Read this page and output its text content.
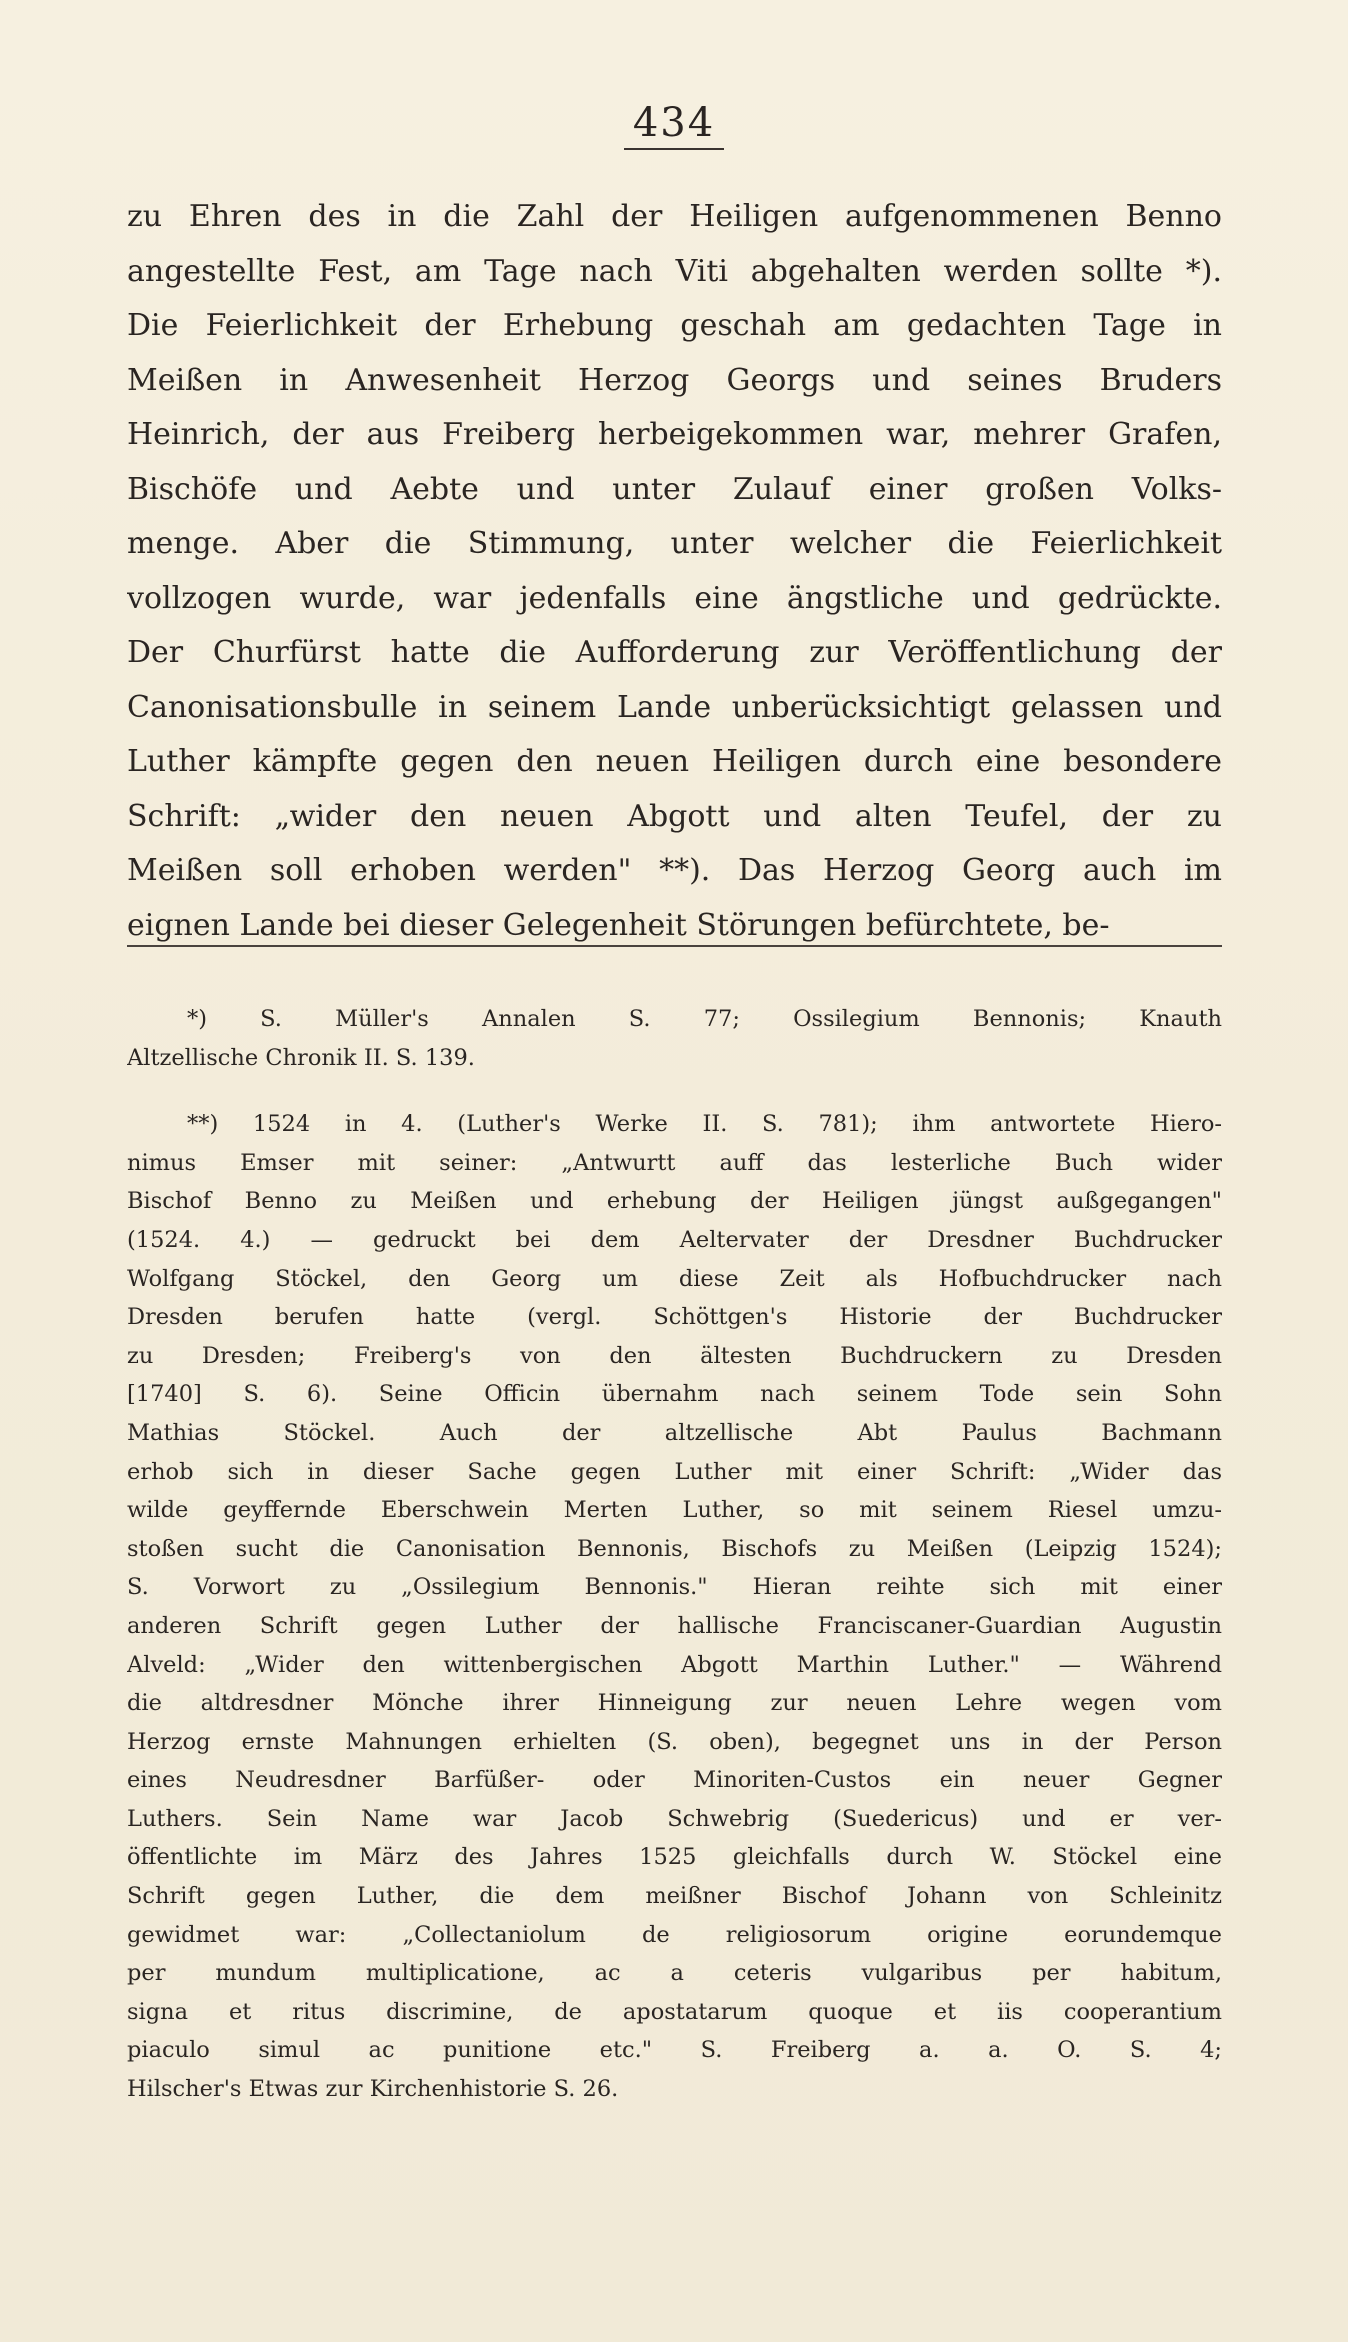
434
zu Ehren des in die Zahl der Heiligen aufgenommenen Benno
angestellte Fest, am Tage nach Viti abgehalten werden sollte *).
Die Feierlichkeit der Erhebung geschah am gedachten Tage in
Meißen in Anwesenheit Herzog Georgs und seines Bruders
Heinrich, der aus Freiberg herbeigekommen war, mehrer Grafen,
Bischöfe und Aebte und unter Zulauf einer großen Volks-
menge. Aber die Stimmung, unter welcher die Feierlichkeit
vollzogen wurde, war jedenfalls eine ängstliche und gedrückte.
Der Churfürst hatte die Aufforderung zur Veröffentlichung der
Canonisationsbulle in seinem Lande unberücksichtigt gelassen und
Luther kämpfte gegen den neuen Heiligen durch eine besondere
Schrift: „wider den neuen Abgott und alten Teufel, der zu
Meißen soll erhoben werden" **). Das Herzog Georg auch im
eignen Lande bei dieser Gelegenheit Störungen befürchtete, be-
*) S. Müller's Annalen S. 77; Ossilegium Bennonis; Knauth
Altzellische Chronik II. S. 139.
**) 1524 in 4. (Luther's Werke II. S. 781); ihm antwortete Hiero-
nimus Emser mit seiner: „Antwurtt auff das lesterliche Buch wider
Bischof Benno zu Meißen und erhebung der Heiligen jüngst außgegangen"
(1524. 4.) — gedruckt bei dem Aeltervater der Dresdner Buchdrucker
Wolfgang Stöckel, den Georg um diese Zeit als Hofbuchdrucker nach
Dresden berufen hatte (vergl. Schöttgen's Historie der Buchdrucker
zu Dresden; Freiberg's von den ältesten Buchdruckern zu Dresden
[1740] S. 6). Seine Officin übernahm nach seinem Tode sein Sohn
Mathias Stöckel. Auch der altzellische Abt Paulus Bachmann
erhob sich in dieser Sache gegen Luther mit einer Schrift: „Wider das
wilde geyffernde Eberschwein Merten Luther, so mit seinem Riesel umzu-
stoßen sucht die Canonisation Bennonis, Bischofs zu Meißen (Leipzig 1524);
S. Vorwort zu „Ossilegium Bennonis." Hieran reihte sich mit einer
anderen Schrift gegen Luther der hallische Franciscaner-Guardian Augustin
Alveld: „Wider den wittenbergischen Abgott Marthin Luther." — Während
die altdresdner Mönche ihrer Hinneigung zur neuen Lehre wegen vom
Herzog ernste Mahnungen erhielten (S. oben), begegnet uns in der Person
eines Neudresdner Barfüßer- oder Minoriten-Custos ein neuer Gegner
Luthers. Sein Name war Jacob Schwebrig (Suedericus) und er ver-
öffentlichte im März des Jahres 1525 gleichfalls durch W. Stöckel eine
Schrift gegen Luther, die dem meißner Bischof Johann von Schleinitz
gewidmet war: „Collectaniolum de religiosorum origine eorundemque
per mundum multiplicatione, ac a ceteris vulgaribus per habitum,
signa et ritus discrimine, de apostatarum quoque et iis cooperantium
piaculo simul ac punitione etc." S. Freiberg a. a. O. S. 4;
Hilscher's Etwas zur Kirchenhistorie S. 26.
